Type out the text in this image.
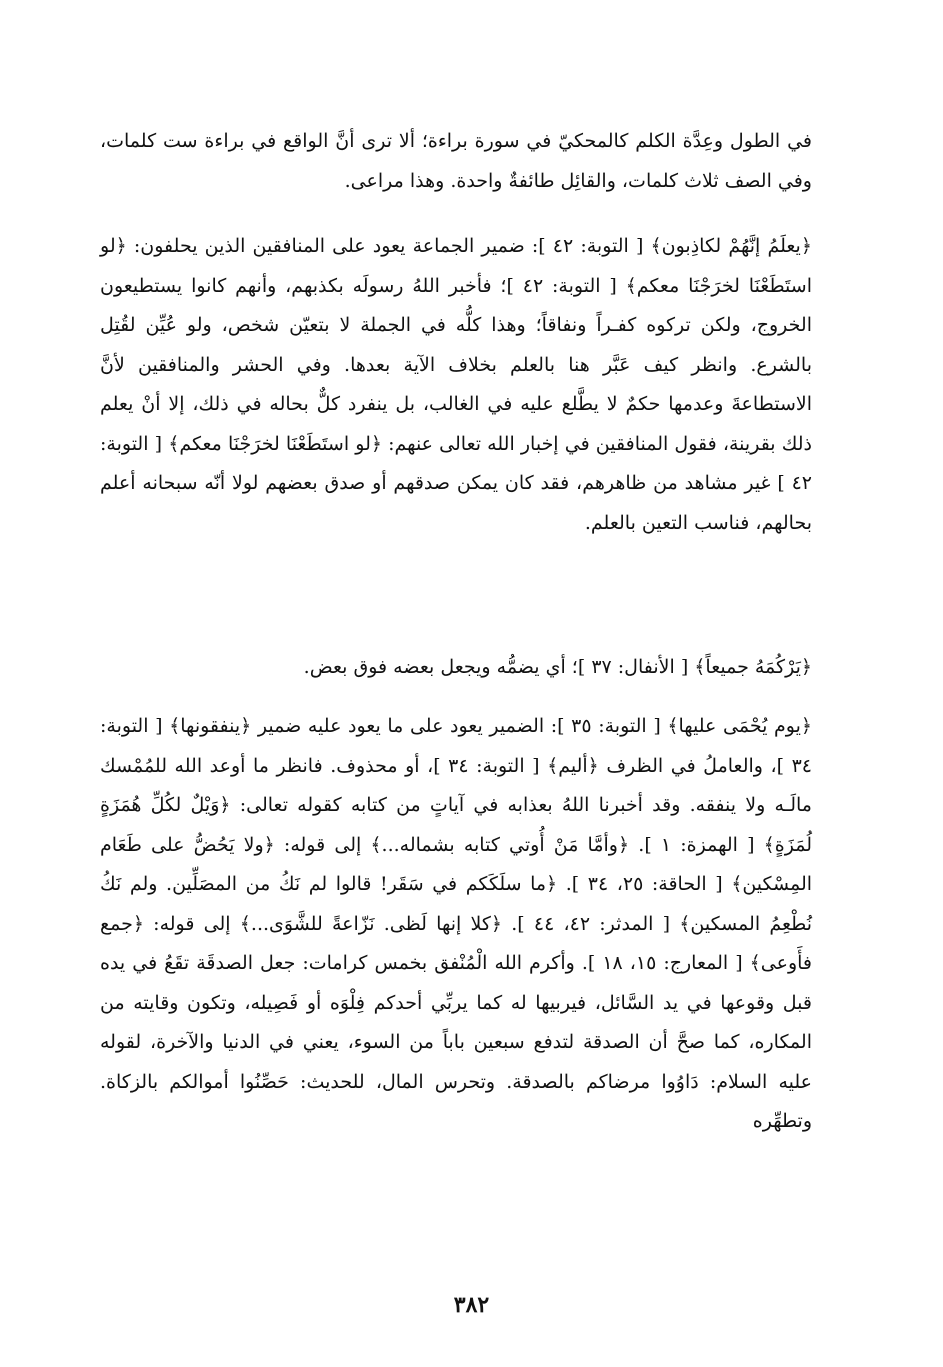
في الطول وعِدَّة الكلم كالمحكيّ في سورة براءة؛ ألا ترى أنَّ الواقع في براءة ست كلمات، وفي الصف ثلاث كلمات، والقائِل طائفةٌ واحدة. وهذا مراعى.

﴿يعلَمُ إنَّهُمْ لكاذِبون﴾ [ التوبة: ٤٢ ]: ضمير الجماعة يعود على المنافقين الذين يحلفون: ﴿لو استَطَعْنَا لخرَجْنَا معكم﴾ [ التوبة: ٤٢ ]؛ فأخبر اللهُ رسولَه بكذبهم، وأنهم كانوا يستطيعون الخروج، ولكن تركوه كفـراً ونفاقاً؛ وهذا كلُّه في الجملة لا بتعيّن شخص، ولو عُيِّن لقُتِل بالشرع. وانظر كيف عَبَّر هنا بالعلم بخلاف الآية بعدها. وفي الحشر والمنافقين لأنَّ الاستطاعةَ وعدمها حكمٌ لا يطَّلع عليه في الغالب، بل ينفرد كلٌّ بحاله في ذلك، إلا أنْ يعلم ذلك بقرينة، فقول المنافقين في إخبار الله تعالى عنهم: ﴿لو استَطَعْنَا لخرَجْنَا معكم﴾ [ التوبة: ٤٢ ] غير مشاهد من ظاهرهم، فقد كان يمكن صدقهم أو صدق بعضهم لولا أنّه سبحانه أعلم بحالهم، فناسب التعين بالعلم.

﴿يَرْكُمَهُ جميعاً﴾ [ الأنفال: ٣٧ ]؛ أي يضمُّه ويجعل بعضه فوق بعض.

﴿يوم يُحْمَى عليها﴾ [ التوبة: ٣٥ ]: الضمير يعود على ما يعود عليه ضمير ﴿ينفقونها﴾ [ التوبة: ٣٤ ]، والعاملُ في الظرف ﴿أليم﴾ [ التوبة: ٣٤ ]، أو محذوف. فانظر ما أوعد الله للمُمْسك مالَـه ولا ينفقه. وقد أخبرنا اللهُ بعذابه في آياتٍ من كتابه كقوله تعالى: ﴿وَيْلٌ لكُلِّ هُمَزَةٍ لُمَزَةٍ﴾ [ الهمزة: ١ ]. ﴿وأمَّا مَنْ أُوتي كتابه بشماله...﴾ إلى قوله: ﴿ولا يَحُضُّ على طَعَام المِسْكين﴾ [ الحاقة: ٢٥، ٣٤ ]. ﴿ما سلَكَكم في سَقَر! قالوا لم نَكُ من المصَلِّين. ولم نَكُ نُطْعِمُ المسكين﴾ [ المدثر: ٤٢، ٤٤ ]. ﴿كلا إنها لَظى. نَزّاعةً للشَّوَى...﴾ إلى قوله: ﴿جمع فأَوعى﴾ [ المعارج: ١٥، ١٨ ]. وأكرم الله الْمُنْفق بخمس كرامات: جعل الصدقَة تقَعُ في يده قبل وقوعها في يد السَّائل، فيربيها له كما يربِّي أحدكم فِلْوَه أو فَصِيله، وتكون وقايته من المكاره، كما صحَّ أن الصدقة لتدفع سبعين باباً من السوء، يعني في الدنيا والآخرة، لقوله عليه السلام: دَاوُوا مرضاكم بالصدقة. وتحرس المال، للحديث: حَصِّنُوا أموالكم بالزكاة. وتطهِّره

٣٨٢
